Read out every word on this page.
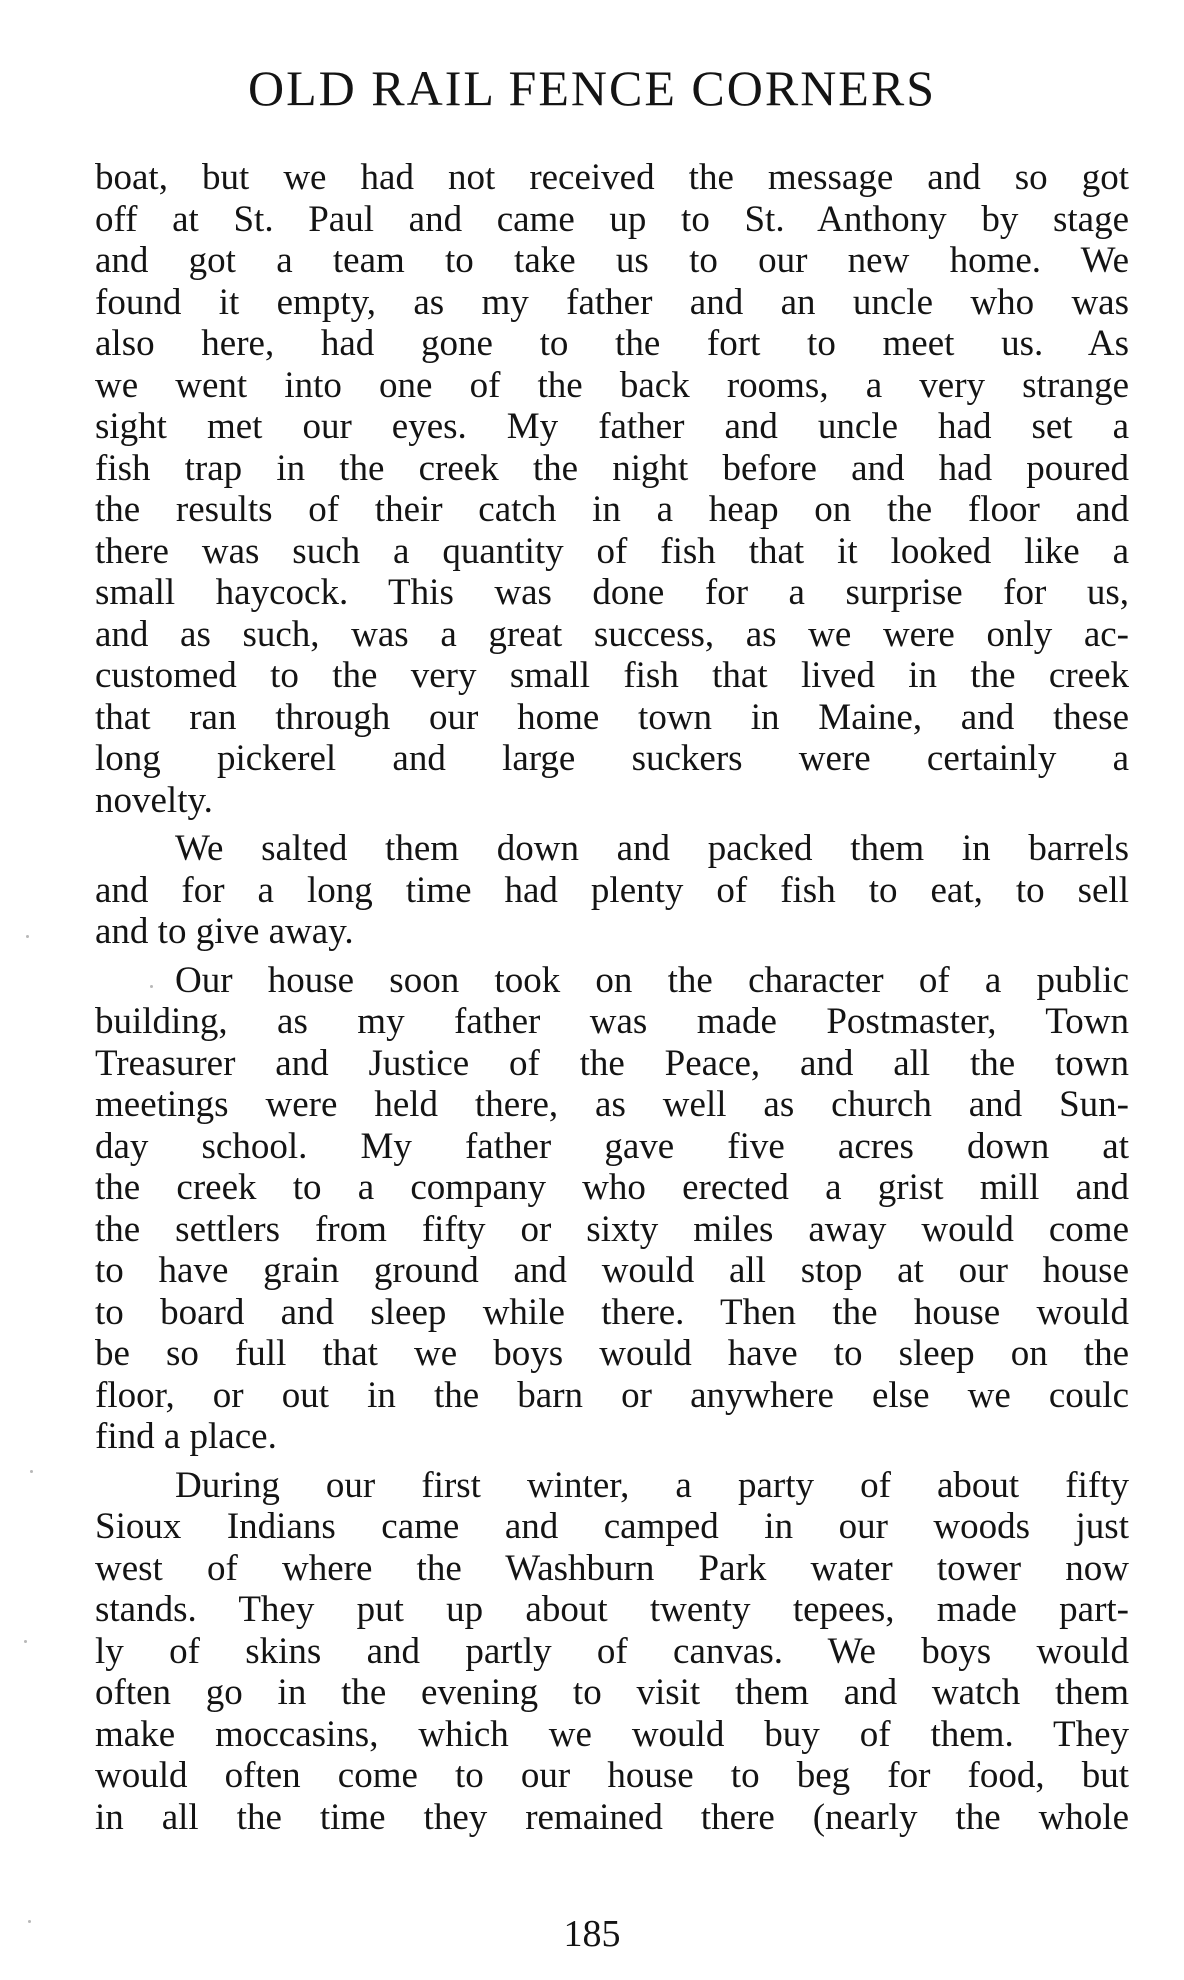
OLD RAIL FENCE CORNERS
boat, but we had not received the message and so got
off at St. Paul and came up to St. Anthony by stage
and got a team to take us to our new home. We
found it empty, as my father and an uncle who was
also here, had gone to the fort to meet us. As
we went into one of the back rooms, a very strange
sight met our eyes. My father and uncle had set a
fish trap in the creek the night before and had poured
the results of their catch in a heap on the floor and
there was such a quantity of fish that it looked like a
small haycock. This was done for a surprise for us,
and as such, was a great success, as we were only ac-
customed to the very small fish that lived in the creek
that ran through our home town in Maine, and these
long pickerel and large suckers were certainly a
novelty.
We salted them down and packed them in barrels
and for a long time had plenty of fish to eat, to sell
and to give away.
Our house soon took on the character of a public
building, as my father was made Postmaster, Town
Treasurer and Justice of the Peace, and all the town
meetings were held there, as well as church and Sun-
day school. My father gave five acres down at
the creek to a company who erected a grist mill and
the settlers from fifty or sixty miles away would come
to have grain ground and would all stop at our house
to board and sleep while there. Then the house would
be so full that we boys would have to sleep on the
floor, or out in the barn or anywhere else we coulc
find a place.
During our first winter, a party of about fifty
Sioux Indians came and camped in our woods just
west of where the Washburn Park water tower now
stands. They put up about twenty tepees, made part-
ly of skins and partly of canvas. We boys would
often go in the evening to visit them and watch them
make moccasins, which we would buy of them. They
would often come to our house to beg for food, but
in all the time they remained there (nearly the whole
185
